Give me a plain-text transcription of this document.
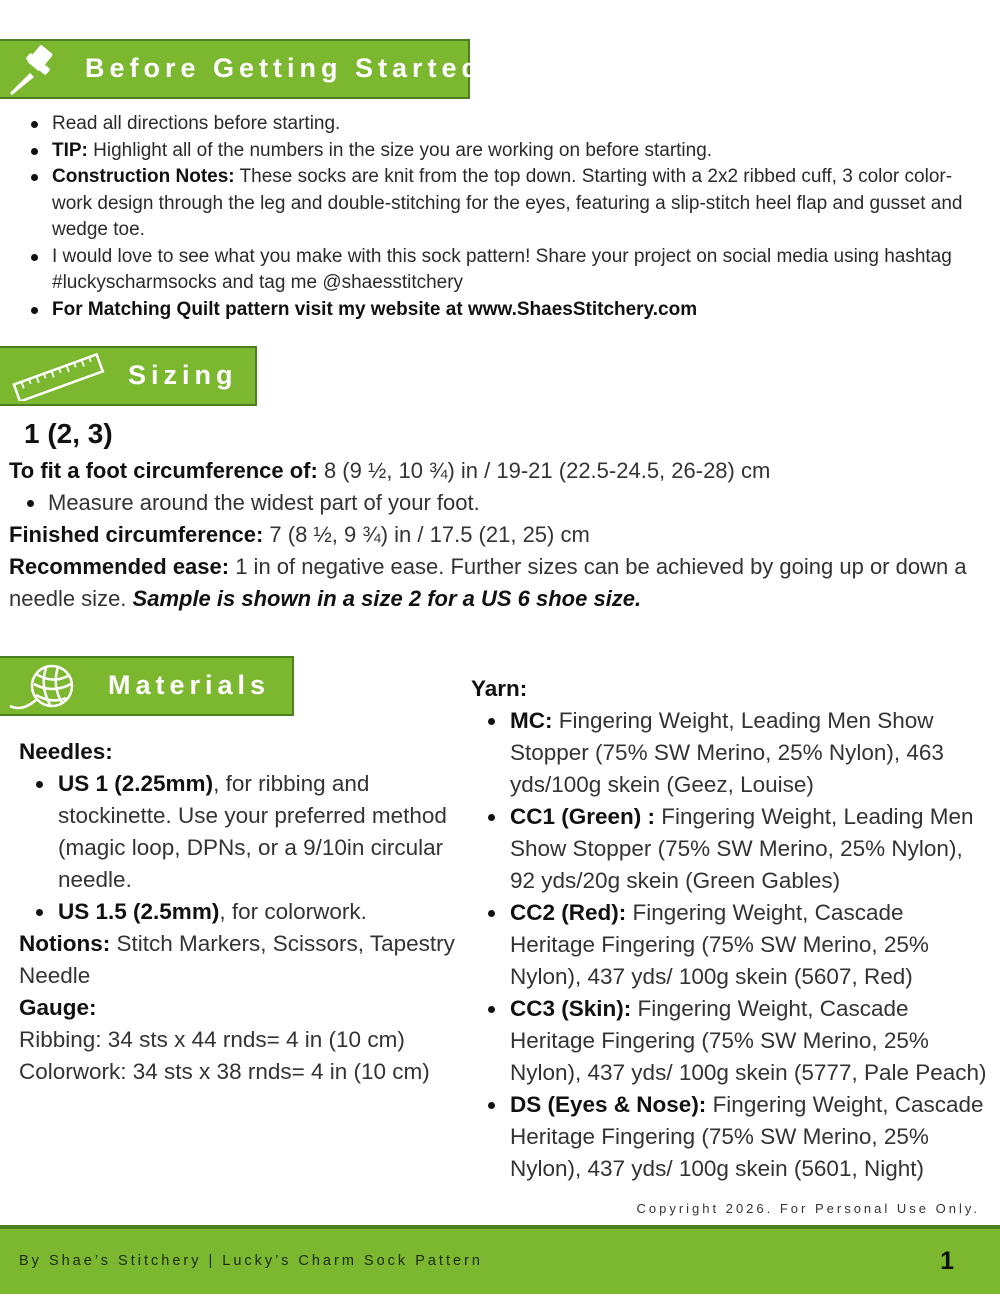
Before Getting Started
Read all directions before starting.
TIP: Highlight all of the numbers in the size you are working on before starting.
Construction Notes: These socks are knit from the top down. Starting with a 2x2 ribbed cuff, 3 color color-work design through the leg and double-stitching for the eyes, featuring a slip-stitch heel flap and gusset and wedge toe.
I would love to see what you make with this sock pattern! Share your project on social media using hashtag #luckyscharmsocks and tag me @shaesstitchery
For Matching Quilt pattern visit my website at www.ShaesStitchery.com
Sizing
1 (2, 3)
To fit a foot circumference of: 8 (9 ½, 10 ¾) in / 19-21 (22.5-24.5, 26-28) cm
Measure around the widest part of your foot.
Finished circumference: 7 (8 ½, 9 ¾) in / 17.5 (21, 25) cm
Recommended ease: 1 in of negative ease. Further sizes can be achieved by going up or down a needle size. Sample is shown in a size 2 for a US 6 shoe size.
Materials
Needles:
US 1 (2.25mm), for ribbing and stockinette. Use your preferred method (magic loop, DPNs, or a 9/10in circular needle.
US 1.5 (2.5mm), for colorwork.
Notions: Stitch Markers, Scissors, Tapestry Needle
Gauge:
Ribbing: 34 sts x 44 rnds= 4 in (10 cm)
Colorwork: 34 sts x 38 rnds= 4 in (10 cm)
Yarn:
MC: Fingering Weight, Leading Men Show Stopper (75% SW Merino, 25% Nylon), 463 yds/100g skein (Geez, Louise)
CC1 (Green) : Fingering Weight, Leading Men Show Stopper (75% SW Merino, 25% Nylon), 92 yds/20g skein (Green Gables)
CC2 (Red): Fingering Weight, Cascade Heritage Fingering (75% SW Merino, 25% Nylon), 437 yds/ 100g skein (5607, Red)
CC3 (Skin): Fingering Weight, Cascade Heritage Fingering (75% SW Merino, 25% Nylon), 437 yds/ 100g skein (5777, Pale Peach)
DS (Eyes & Nose): Fingering Weight, Cascade Heritage Fingering (75% SW Merino, 25% Nylon), 437 yds/ 100g skein (5601, Night)
Copyright 2026. For Personal Use Only.
By Shae’s Stitchery | Lucky’s Charm Sock Pattern	1
